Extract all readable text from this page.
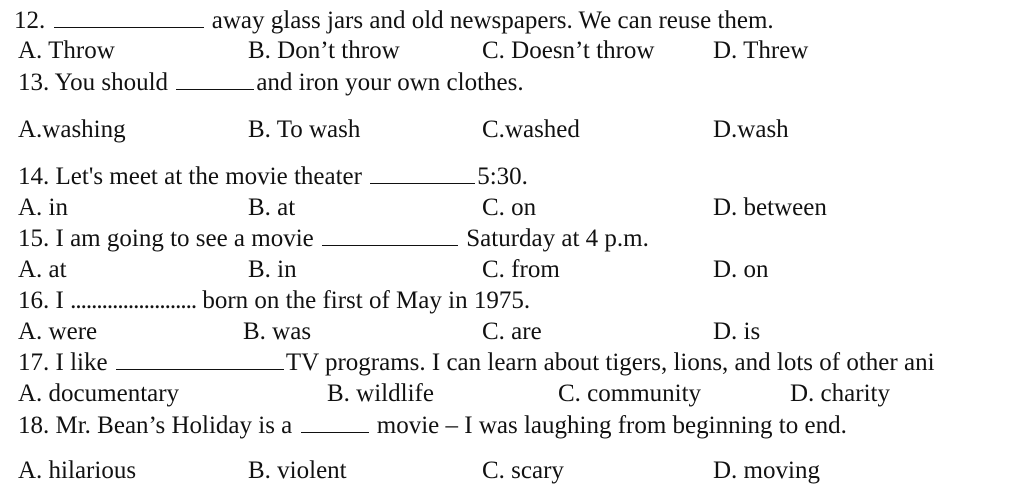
12.	away glass jars and old newspapers. We can reuse them.
A. Throw	B. Don’t throw	C. Doesn’t throw D. Threw
13. You should	and iron your own clothes.
A.washing	B. To wash	C.washed	D.wash
14. Let's meet at the movie theater	5:30.
A. in	B. at	C. on	D. between
15. I am going to see a movie	Saturday at 4 p.m.
A. at	B. in	C. from	D. on
16. I ........................ born on the first of May in 1975.
A. were	B. was	C. are	D. is
17. I like	TV programs. I can learn about tigers, lions, and lots of other ani
A. documentary	B. wildlife	C. community	D. charity
18. Mr. Bean’s Holiday is a	movie – I was laughing from beginning to end.
A. hilarious	B. violent	C. scary	D. moving
